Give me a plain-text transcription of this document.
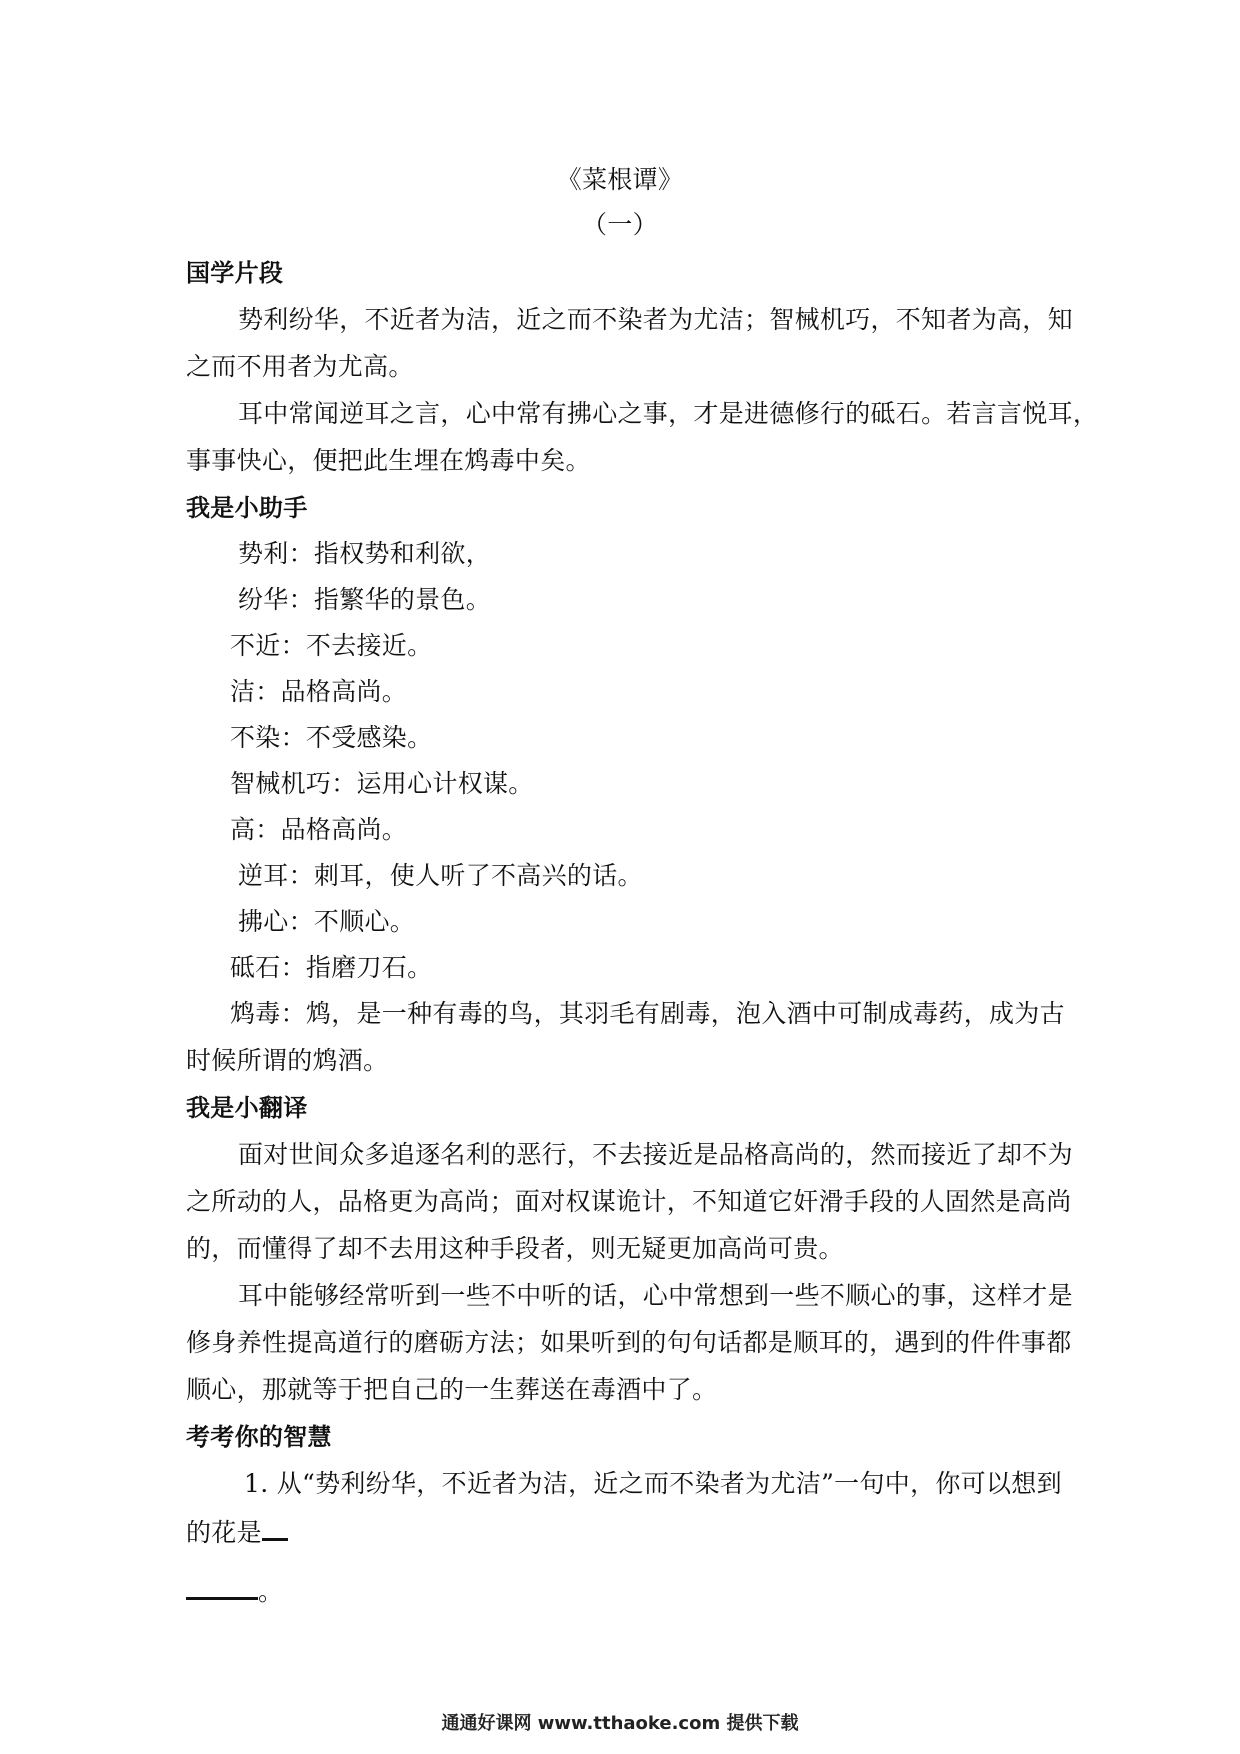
《菜根谭》
（一）
国学片段
势利纷华，不近者为洁，近之而不染者为尤洁；智械机巧，不知者为高，知
之而不用者为尤高。
耳中常闻逆耳之言，心中常有拂心之事，才是进德修行的砥石。若言言悦耳，
事事快心，便把此生埋在鸩毒中矣。
我是小助手
势利：指权势和利欲，
纷华：指繁华的景色。
不近：不去接近。
洁：品格高尚。
不染：不受感染。
智械机巧：运用心计权谋。
高：品格高尚。
逆耳：刺耳，使人听了不高兴的话。
拂心：不顺心。
砥石：指磨刀石。
鸩毒：鸩，是一种有毒的鸟，其羽毛有剧毒，泡入酒中可制成毒药，成为古
时候所谓的鸩酒。
我是小翻译
面对世间众多追逐名利的恶行，不去接近是品格高尚的，然而接近了却不为
之所动的人，品格更为高尚；面对权谋诡计，不知道它奸滑手段的人固然是高尚
的，而懂得了却不去用这种手段者，则无疑更加高尚可贵。
耳中能够经常听到一些不中听的话，心中常想到一些不顺心的事，这样才是
修身养性提高道行的磨砺方法；如果听到的句句话都是顺耳的，遇到的件件事都
顺心，那就等于把自己的一生葬送在毒酒中了。
考考你的智慧
1. 从“势利纷华，不近者为洁，近之而不染者为尤洁”一句中，你可以想到
的花是
。
通通好课网 www.tthaoke.com 提供下载
